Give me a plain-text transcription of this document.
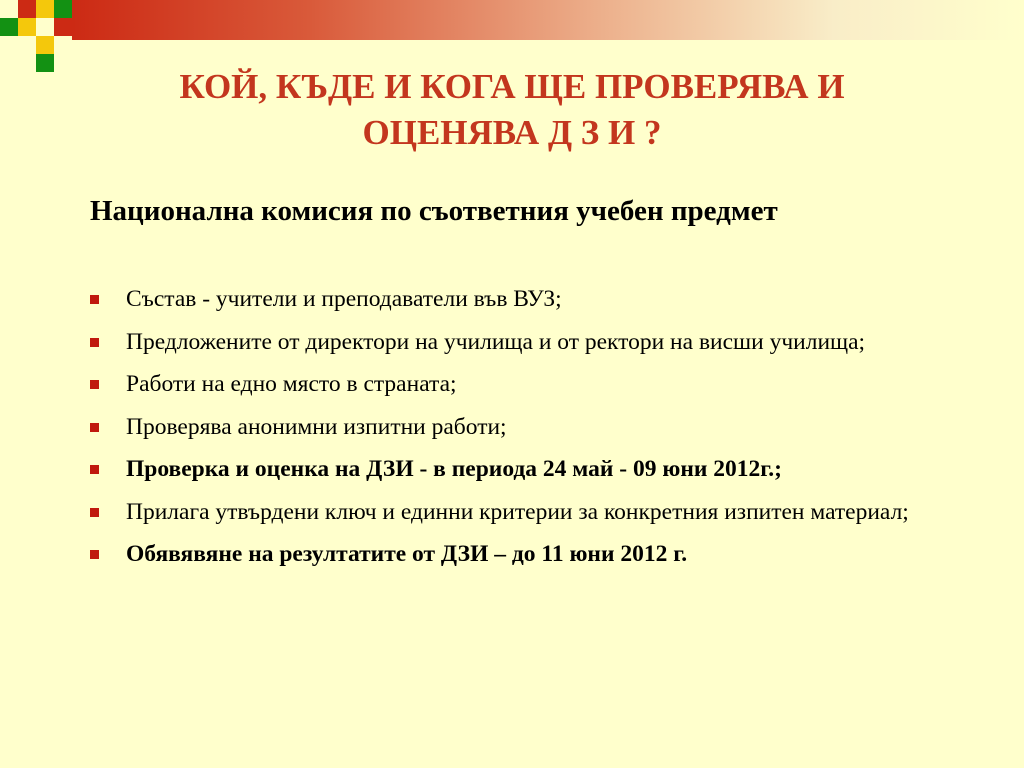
КОЙ, КЪДЕ И КОГА ЩЕ ПРОВЕРЯВА И
ОЦЕНЯВА Д З И ?
Национална комисия по съответния учебен предмет
Състав - учители и преподаватели във ВУЗ;
Предложените от директори на училища и от ректори на висши училища;
Работи на едно място в страната;
Проверява анонимни изпитни работи;
Проверка и оценка на ДЗИ - в периода 24 май - 09 юни 2012г.;
Прилага утвърдени ключ и единни критерии за конкретния изпитен материал;
Обявявяне на резултатите от ДЗИ – до 11 юни 2012 г.
